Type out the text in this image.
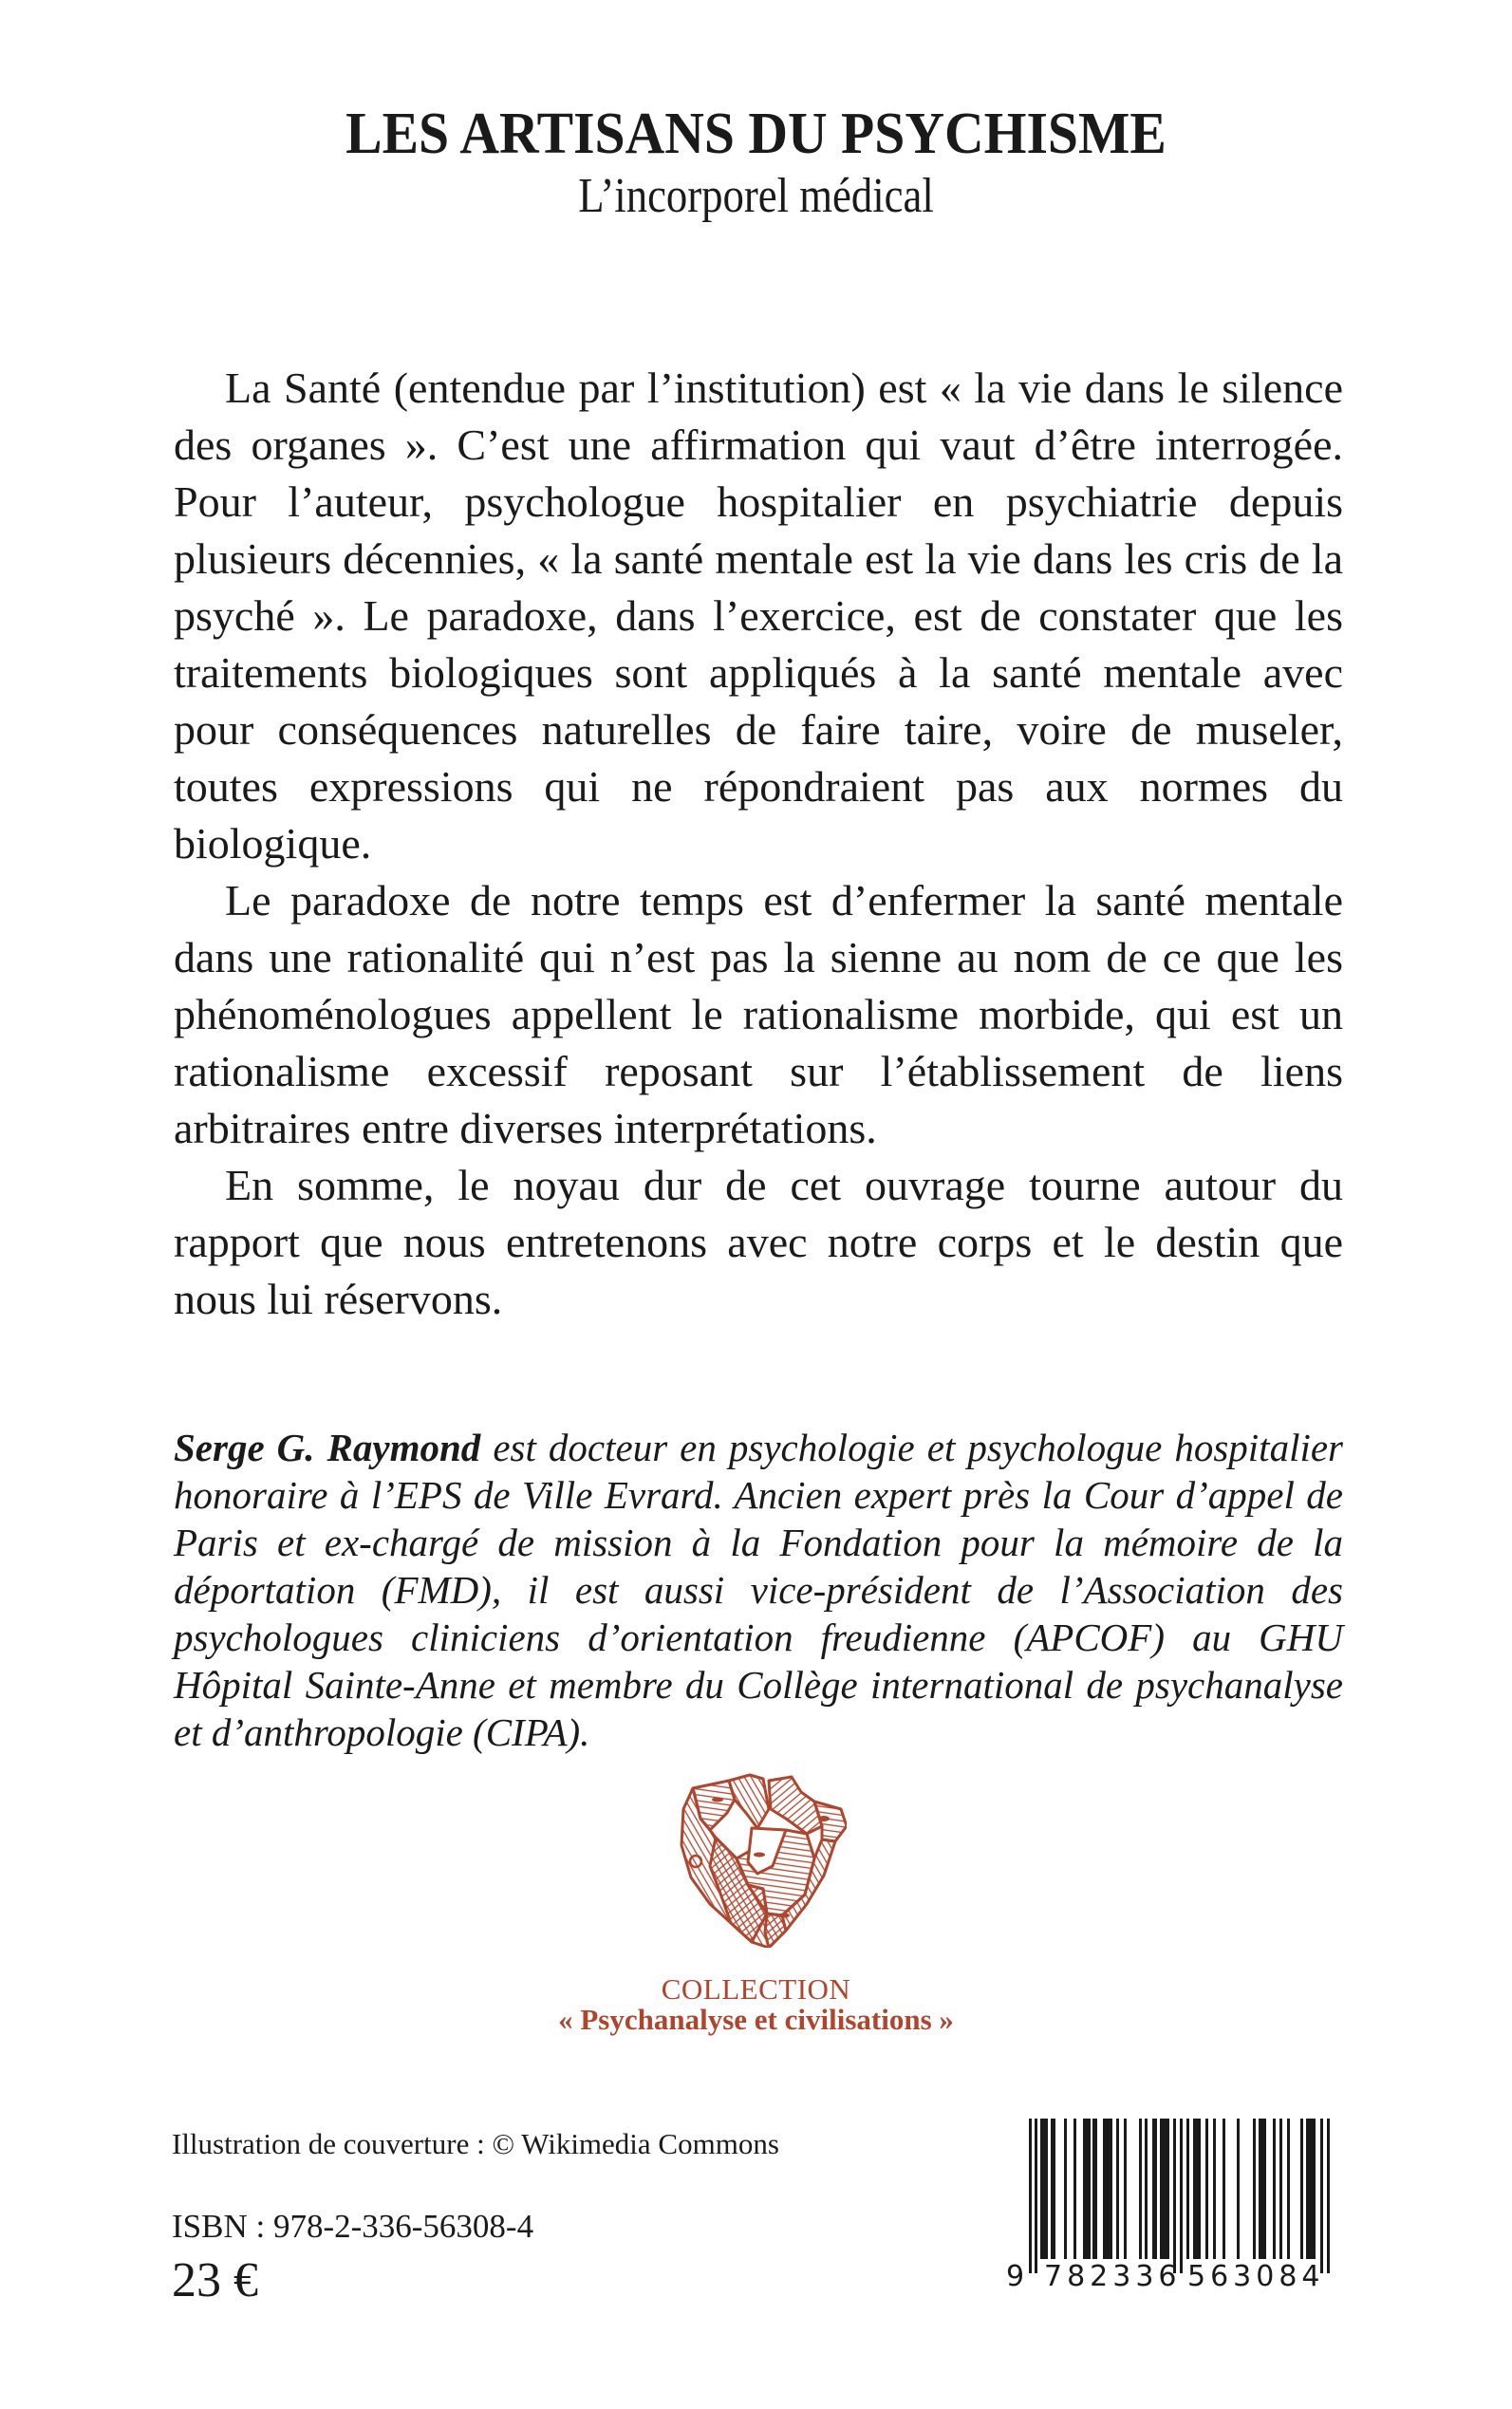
LES ARTISANS DU PSYCHISME
L’incorporel médical

La Santé (entendue par l’institution) est « la vie dans le silence des organes ». C’est une affirmation qui vaut d’être interrogée. Pour l’auteur, psychologue hospitalier en psychiatrie depuis plusieurs décennies, « la santé mentale est la vie dans les cris de la psyché ». Le paradoxe, dans l’exercice, est de constater que les traitements biologiques sont appliqués à la santé mentale avec pour conséquences naturelles de faire taire, voire de museler, toutes expressions qui ne répondraient pas aux normes du biologique.

Le paradoxe de notre temps est d’enfermer la santé mentale dans une rationalité qui n’est pas la sienne au nom de ce que les phénoménologues appellent le rationalisme morbide, qui est un rationalisme excessif reposant sur l’établissement de liens arbitraires entre diverses interprétations.

En somme, le noyau dur de cet ouvrage tourne autour du rapport que nous entretenons avec notre corps et le destin que nous lui réservons.

Serge G. Raymond est docteur en psychologie et psychologue hospitalier honoraire à l’EPS de Ville Evrard. Ancien expert près la Cour d’appel de Paris et ex-chargé de mission à la Fondation pour la mémoire de la déportation (FMD), il est aussi vice-président de l’Association des psychologues cliniciens d’orientation freudienne (APCOF) au GHU Hôpital Sainte-Anne et membre du Collège international de psychanalyse et d’anthropologie (CIPA).

COLLECTION
« Psychanalyse et civilisations »
Illustration de couverture : © Wikimedia Commons
ISBN : 978-2-336-56308-4
23 €	9 782336 563084
